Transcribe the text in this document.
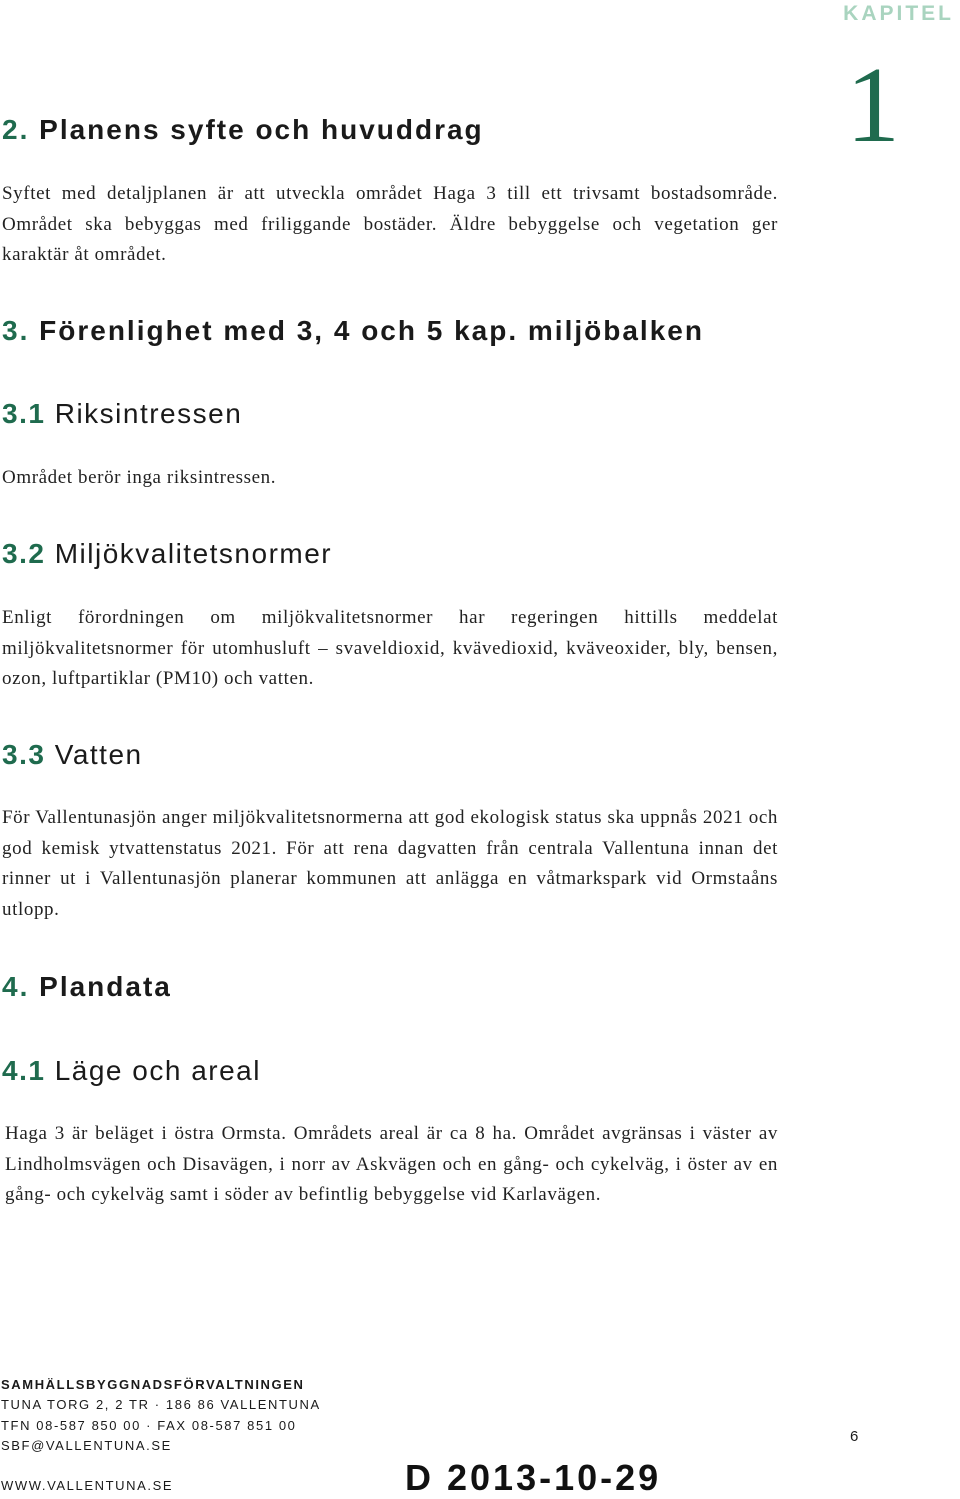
KAPITEL
1
2. Planens syfte och huvuddrag

Syftet med detaljplanen är att utveckla området Haga 3 till ett trivsamt bostadsområde. Området ska bebyggas med friliggande bostäder. Äldre bebyggelse och vegetation ger karaktär åt området.

3. Förenlighet med 3, 4 och 5 kap. miljöbalken
3.1 Riksintressen

Området berör inga riksintressen.

3.2 Miljökvalitetsnormer

Enligt förordningen om miljökvalitetsnormer har regeringen hittills meddelat miljökvalitetsnormer för utomhusluft – svaveldioxid, kvävedioxid, kväveoxider, bly, bensen, ozon, luftpartiklar (PM10) och vatten.

3.3 Vatten

För Vallentunasjön anger miljökvalitetsnormerna att god ekologisk status ska uppnås 2021 och god kemisk ytvattenstatus 2021. För att rena dagvatten från centrala Vallentuna innan det rinner ut i Vallentunasjön planerar kommunen att anlägga en våtmarkspark vid Ormstaåns utlopp.

4. Plandata
4.1 Läge och areal

Haga 3 är beläget i östra Ormsta. Områdets areal är ca 8 ha. Området avgränsas i väster av Lindholmsvägen och Disavägen, i norr av Askvägen och en gång- och cykelväg, i öster av en gång- och cykelväg samt i söder av befintlig bebyggelse vid Karlavägen.

SAMHÄLLSBYGGNADSFÖRVALTNINGEN
TUNA TORG 2, 2 TR · 186 86 VALLENTUNA
TFN 08-587 850 00 · FAX 08-587 851 00
SBF@VALLENTUNA.SE
WWW.VALLENTUNA.SE
6
D 2013-10-29
